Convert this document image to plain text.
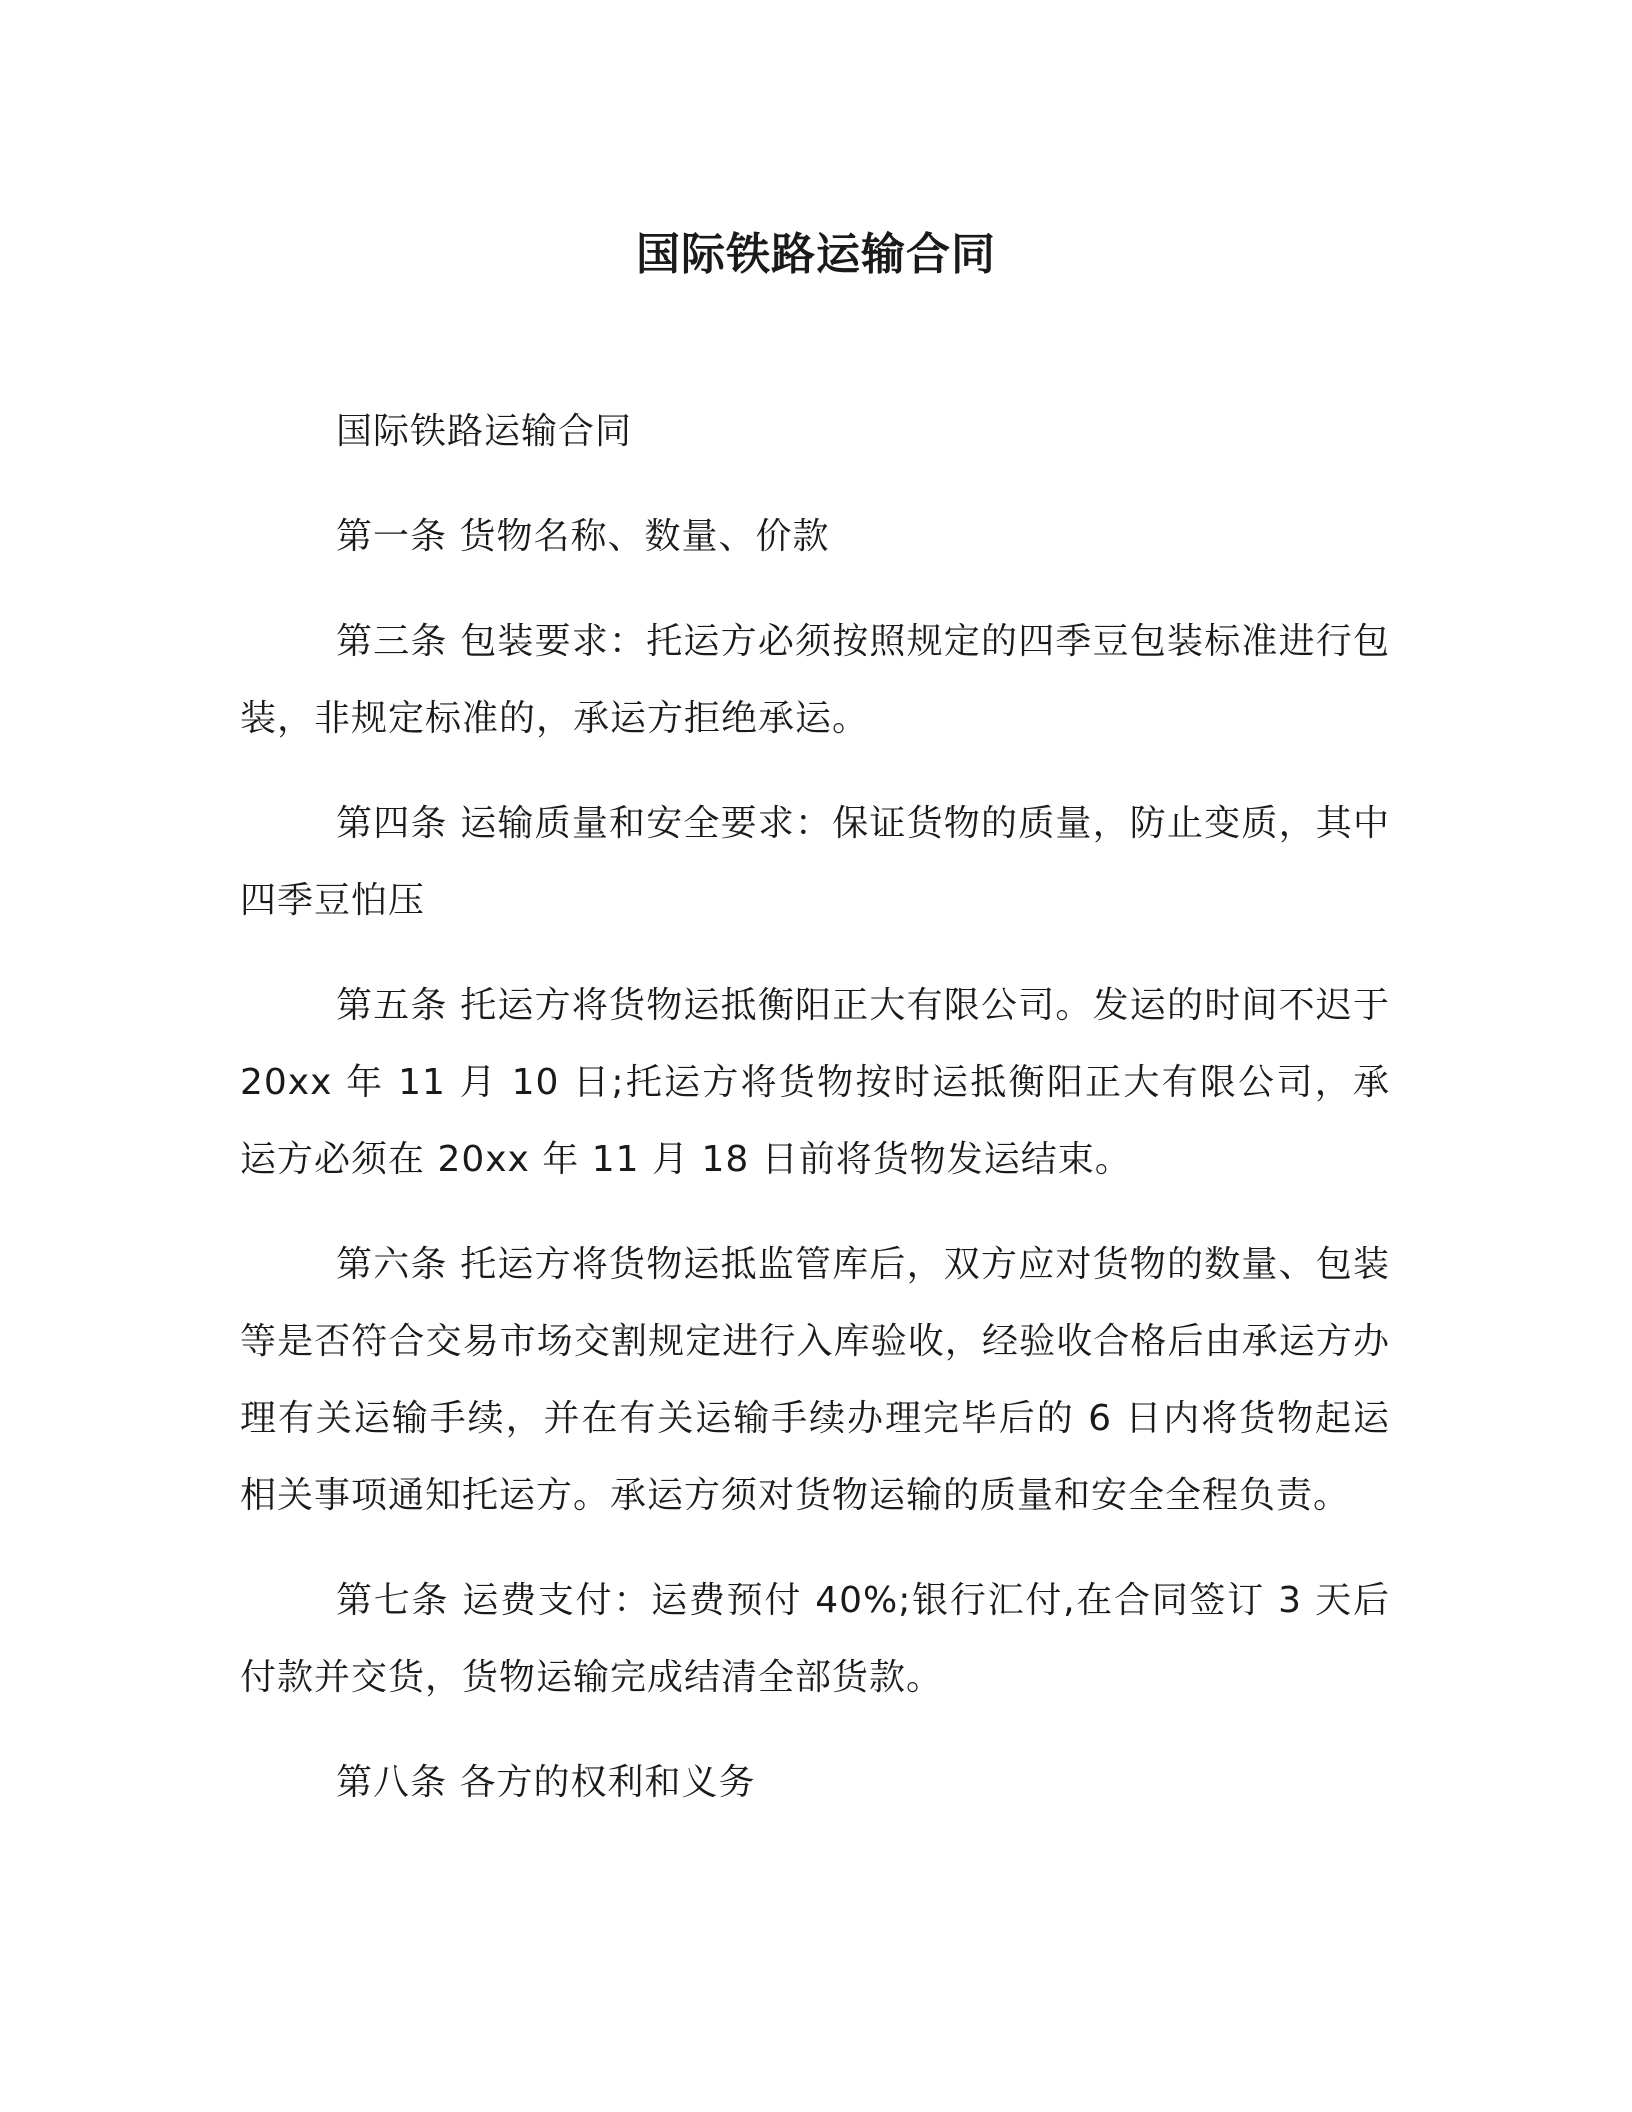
国际铁路运输合同

国际铁路运输合同

第一条 货物名称、数量、价款

第三条 包装要求：托运方必须按照规定的四季豆包装标准进行包装，非规定标准的，承运方拒绝承运。

第四条 运输质量和安全要求：保证货物的质量，防止变质，其中四季豆怕压

第五条 托运方将货物运抵衡阳正大有限公司。发运的时间不迟于20xx 年 11 月 10 日;托运方将货物按时运抵衡阳正大有限公司，承运方必须在 20xx 年 11 月 18 日前将货物发运结束。

第六条 托运方将货物运抵监管库后，双方应对货物的数量、包装等是否符合交易市场交割规定进行入库验收，经验收合格后由承运方办理有关运输手续，并在有关运输手续办理完毕后的 6 日内将货物起运相关事项通知托运方。承运方须对货物运输的质量和安全全程负责。

第七条 运费支付：运费预付 40%;银行汇付,在合同签订 3 天后付款并交货，货物运输完成结清全部货款。

第八条 各方的权利和义务
